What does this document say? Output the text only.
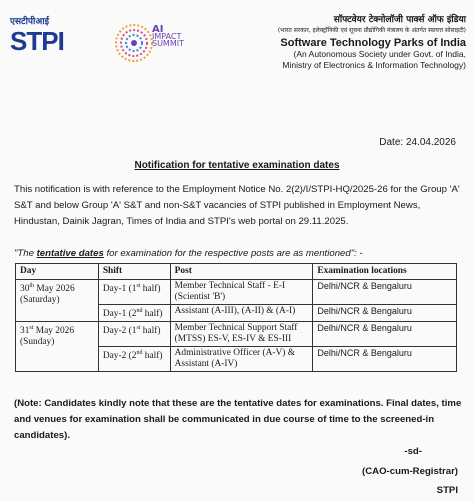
एसटीपीआई
STPI	AI
IMPACT
SUMMIT
सॉफ्टवेयर टेक्नोलॉजी पार्क्स ऑफ इंडिया
(भारत सरकार, इलेक्ट्रॉनिकी एवं सूचना प्रौद्योगिकी मंत्रालय के अंतर्गत स्वायत्त सोसाइटी)
Software Technology Parks of India
(An Autonomous Society under Govt. of India,
Ministry of Electronics & Information Technology)
Date: 24.04.2026
Notification for tentative examination dates
This notification is with reference to the Employment Notice No. 2(2)/I/STPI-HQ/2025-26 for the Group 'A' S&T and below Group 'A' S&T and non-S&T vacancies of STPI published in Employment News, Hindustan, Dainik Jagran, Times of India and STPI's web portal on 29.11.2025.
"The tentative dates for examination for the respective posts are as mentioned": -
Day	Shift	Post	Examination locations
30th May 2026
(Saturday)	Day-1 (1st half)	Member Technical Staff - E-I (Scientist 'B')	Delhi/NCR & Bengaluru
	Day-1 (2nd half)	Assistant (A-III), (A-II) & (A-I)	Delhi/NCR & Bengaluru
31st May 2026
(Sunday)	Day-2 (1st half)	Member Technical Support Staff (MTSS) ES-V, ES-IV & ES-III	Delhi/NCR & Bengaluru
	Day-2 (2nd half)	Administrative Officer (A-V) & Assistant (A-IV)	Delhi/NCR & Bengaluru
(Note: Candidates kindly note that these are the tentative dates for examinations. Final dates, time and venues for examination shall be communicated in due course of time to the screened-in candidates).
-sd-
(CAO-cum-Registrar)
STPI
